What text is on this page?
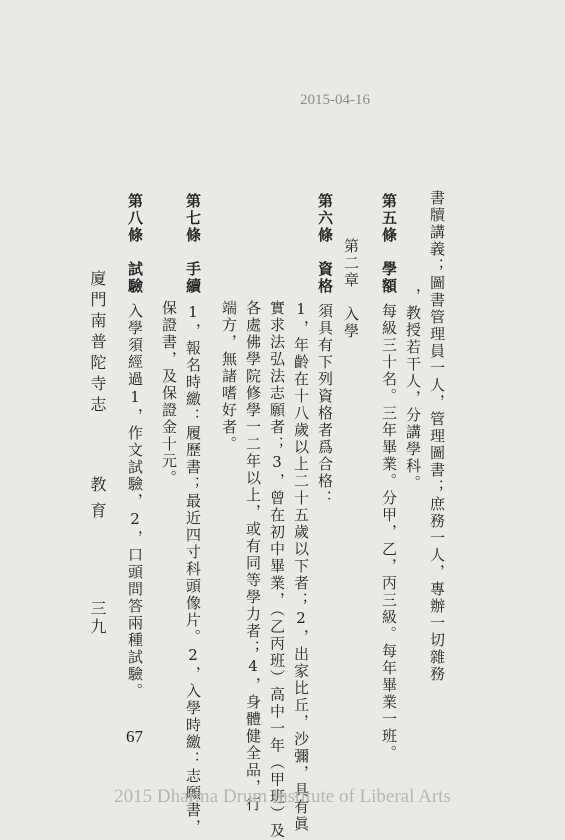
2015-04-16
書牘講義；圖書管理員一人，管理圖書；庶務一人，專辦一切雜務
，教授若干人，分講學科。
第五條　學額每級三十名。三年畢業。分甲，乙，丙三級。每年畢業一班。
第二章　入學
第六條　資格須具有下列資格者爲合格：
1，年齡在十八歲以上二十五歲以下者；2，出家比丘，沙彌，具有眞
實求法弘法志願者；3，曾在初中畢業，（乙丙班）高中一年（甲班）及
各處佛學院修學一二年以上，或有同等學力者；4，身體健全品，行
端方，無諸嗜好者。
第七條　手續1，報名時繳：履歷書；最近四寸科頭像片。2，入學時繳：志願書，
保證書，及保證金十元。
第八條　試驗入學須經過1，作文試驗，2，口頭問答兩種試驗。
廈門南普陀寺志
教育
三九
67
2015 Dharma Drum Institute of Liberal Arts
